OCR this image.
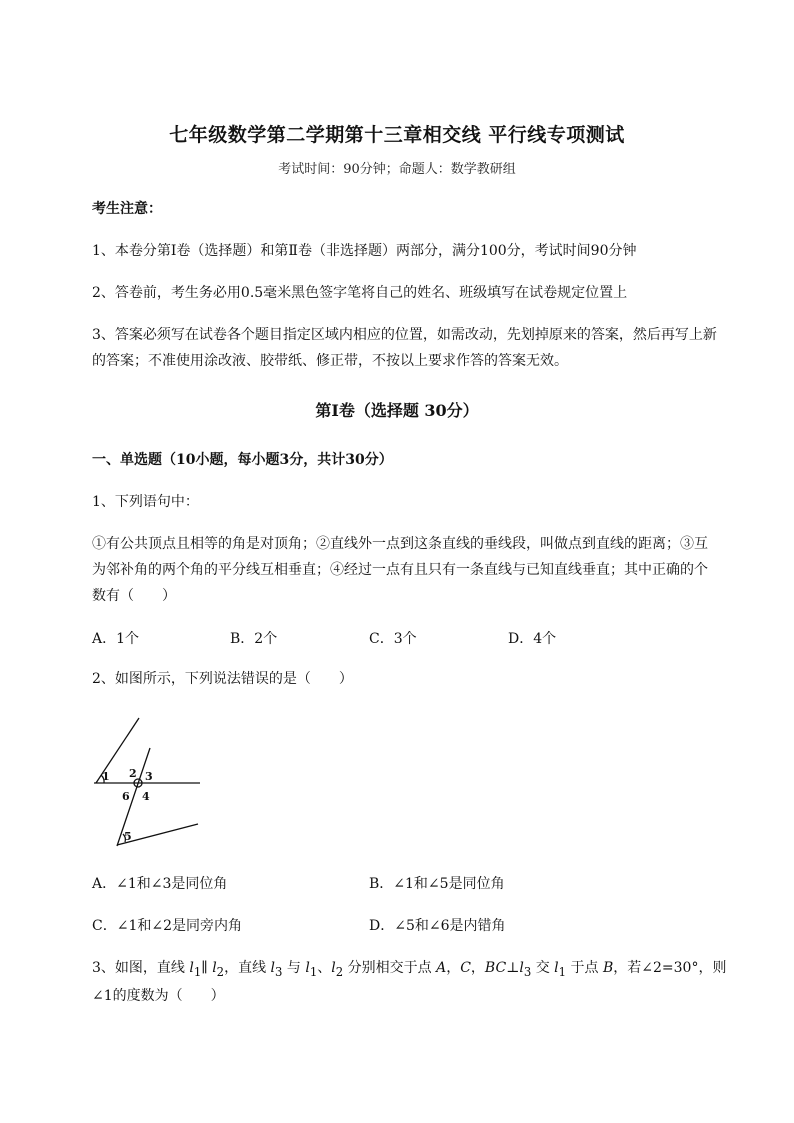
七年级数学第二学期第十三章相交线 平行线专项测试
考试时间：90分钟；命题人：数学教研组
考生注意：
1、本卷分第I卷（选择题）和第Ⅱ卷（非选择题）两部分，满分100分，考试时间90分钟
2、答卷前，考生务必用0.5毫米黑色签字笔将自己的姓名、班级填写在试卷规定位置上
3、答案必须写在试卷各个题目指定区域内相应的位置，如需改动，先划掉原来的答案，然后再写上新
的答案；不准使用涂改液、胶带纸、修正带，不按以上要求作答的答案无效。
第I卷（选择题 30分）
一、单选题（10小题，每小题3分，共计30分）
1、下列语句中：
①有公共顶点且相等的角是对顶角；②直线外一点到这条直线的垂线段，叫做点到直线的距离；③互
为邻补角的两个角的平分线互相垂直；④经过一点有且只有一条直线与已知直线垂直；其中正确的个
数有（　　）
A．1个	B．2个	C．3个	D．4个
2、如图所示，下列说法错误的是（　　）
1 2 3
4
5
6
A．∠1和∠3是同位角	B．∠1和∠5是同位角
C．∠1和∠2是同旁内角	D．∠5和∠6是内错角
3、如图，直线 $l_1\parallel$ $l_2$，直线 $l_3$ 与 $l_1$、$l_2$ 分别相交于点 A，C，$BC\perp l_3$ 交 $l_1$ 于点 B，若∠2=30°，则
∠1的度数为（　　）
